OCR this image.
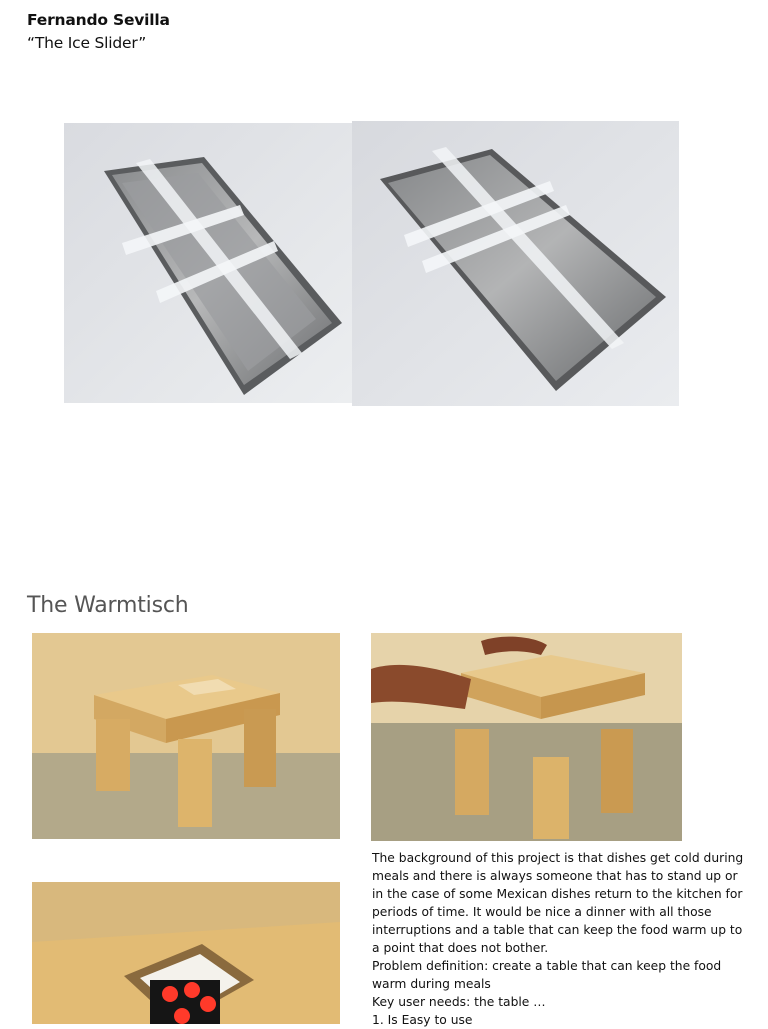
Fernando Sevilla
“The Ice Slider”
The Warmtisch

The background of this project is that dishes get cold during meals and there is always someone that has to stand up or in the case of some Mexican dishes return to the kitchen for periods of time. It would be nice a dinner with all those interruptions and a table that can keep the food warm up to a point that does not bother.

Problem definition: create a table that can keep the food warm during meals

Key user needs: the table …

1. Is Easy to use
